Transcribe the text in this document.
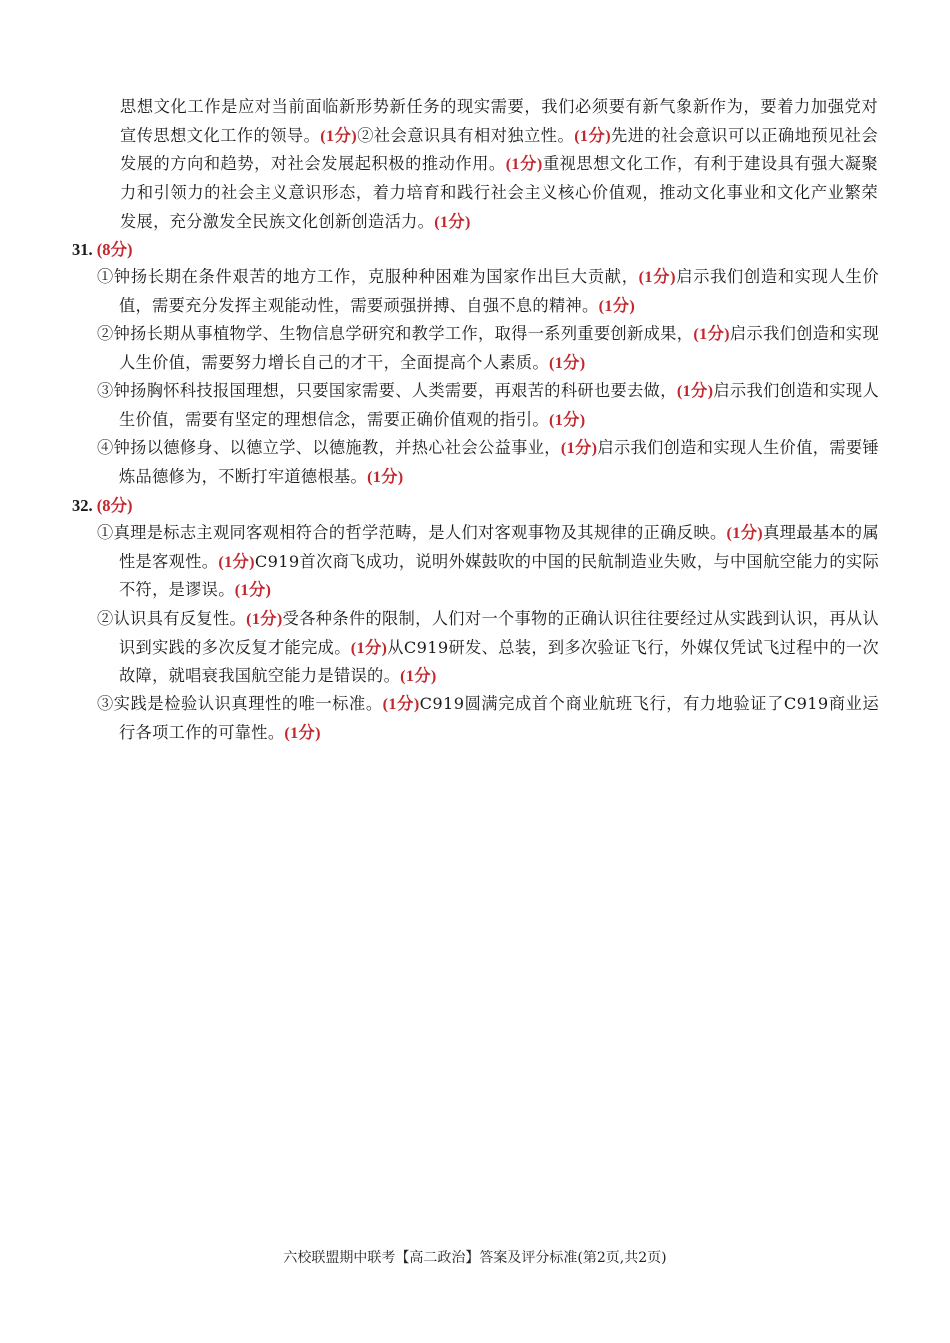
思想文化工作是应对当前面临新形势新任务的现实需要，我们必须要有新气象新作为，要着力加强党对宣传思想文化工作的领导。(1分)②社会意识具有相对独立性。(1分)先进的社会意识可以正确地预见社会发展的方向和趋势，对社会发展起积极的推动作用。(1分)重视思想文化工作，有利于建设具有强大凝聚力和引领力的社会主义意识形态，着力培育和践行社会主义核心价值观，推动文化事业和文化产业繁荣发展，充分激发全民族文化创新创造活力。(1分)
31. (8分)
①钟扬长期在条件艰苦的地方工作，克服种种困难为国家作出巨大贡献，(1分)启示我们创造和实现人生价值，需要充分发挥主观能动性，需要顽强拼搏、自强不息的精神。(1分)
②钟扬长期从事植物学、生物信息学研究和教学工作，取得一系列重要创新成果，(1分)启示我们创造和实现人生价值，需要努力增长自己的才干，全面提高个人素质。(1分)
③钟扬胸怀科技报国理想，只要国家需要、人类需要，再艰苦的科研也要去做，(1分)启示我们创造和实现人生价值，需要有坚定的理想信念，需要正确价值观的指引。(1分)
④钟扬以德修身、以德立学、以德施教，并热心社会公益事业，(1分)启示我们创造和实现人生价值，需要锤炼品德修为，不断打牢道德根基。(1分)
32. (8分)
①真理是标志主观同客观相符合的哲学范畴，是人们对客观事物及其规律的正确反映。(1分)真理最基本的属性是客观性。(1分)C919首次商飞成功，说明外媒鼓吹的中国的民航制造业失败，与中国航空能力的实际不符，是谬误。(1分)
②认识具有反复性。(1分)受各种条件的限制，人们对一个事物的正确认识往往要经过从实践到认识，再从认识到实践的多次反复才能完成。(1分)从C919研发、总装，到多次验证飞行，外媒仅凭试飞过程中的一次故障，就唱衰我国航空能力是错误的。(1分)
③实践是检验认识真理性的唯一标准。(1分)C919圆满完成首个商业航班飞行，有力地验证了C919商业运行各项工作的可靠性。(1分)
六校联盟期中联考【高二政治】答案及评分标准(第2页,共2页)
